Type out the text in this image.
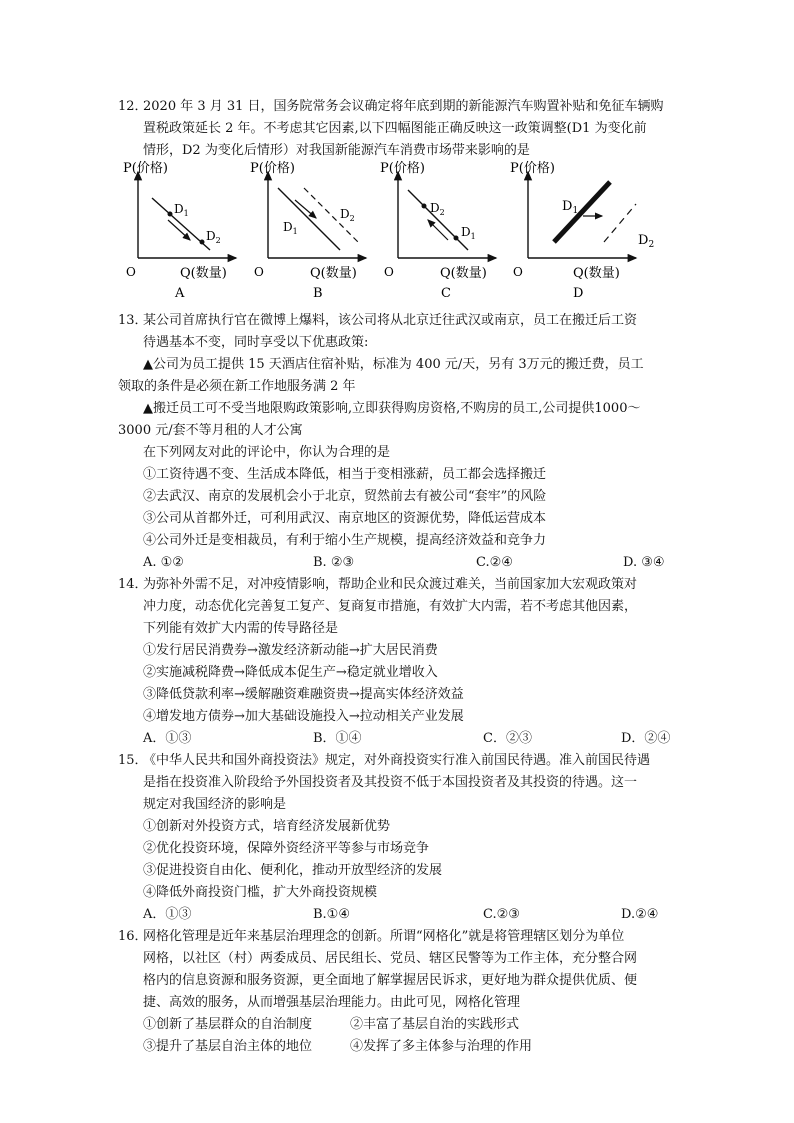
12．
2020 年 3 月 31 日，国务院常务会议确定将年底到期的新能源汽车购置补贴和免征车辆购
置税政策延长 2 年。不考虑其它因素,以下四幅图能正确反映这一政策调整(D1 为变化前
情形，D2 为变化后情形）对我国新能源汽车消费市场带来影响的是
P(价格)
Q(数量)
O
$D_1$
$D_2$
A
P(价格)
Q(数量)
O
$D_1$
$D_2$
B
P(价格)
Q(数量)
O
$D_2$
$D_1$
C
P(价格)
Q(数量)
O
$D_1$
$D_2$
D
13．
某公司首席执行官在微博上爆料，该公司将从北京迁往武汉或南京，员工在搬迁后工资
待遇基本不变，同时享受以下优惠政策:
▲公司为员工提供 15 天酒店住宿补贴，标准为 400 元/天，另有 3万元的搬迁费，员工
领取的条件是必须在新工作地服务满 2 年
▲搬迁员工可不受当地限购政策影响,立即获得购房资格,不购房的员工,公司提供1000～
3000 元/套不等月租的人才公寓
在下列网友对此的评论中，你认为合理的是
①工资待遇不变、生活成本降低，相当于变相涨薪，员工都会选择搬迁
②去武汉、南京的发展机会小于北京，贸然前去有被公司“套牢”的风险
③公司从首都外迁，可利用武汉、南京地区的资源优势，降低运营成本
④公司外迁是变相裁员，有利于缩小生产规模，提高经济效益和竞争力
A. ①②	B. ②③	C.②④	D. ③④
14．
为弥补外需不足，对冲疫情影响，帮助企业和民众渡过难关，当前国家加大宏观政策对
冲力度，动态优化完善复工复产、复商复市措施，有效扩大内需，若不考虑其他因素，
下列能有效扩大内需的传导路径是
①发行居民消费券→激发经济新动能→扩大居民消费
②实施减税降费→降低成本促生产→稳定就业增收入
③降低贷款利率→缓解融资难融资贵→提高实体经济效益
④增发地方债券→加大基础设施投入→拉动相关产业发展
A．①③	B．①④	C．②③	D．②④
15．
《中华人民共和国外商投资法》规定，对外商投资实行准入前国民待遇。准入前国民待遇
是指在投资准入阶段给予外国投资者及其投资不低于本国投资者及其投资的待遇。这一
规定对我国经济的影响是
①创新对外投资方式，培育经济发展新优势
②优化投资环境，保障外资经济平等参与市场竞争
③促进投资自由化、便利化，推动开放型经济的发展
④降低外商投资门槛，扩大外商投资规模
A．①③	B.①④	C.②③	D.②④
16．
网格化管理是近年来基层治理理念的创新。所谓“网格化”就是将管理辖区划分为单位
网格，以社区（村）两委成员、居民组长、党员、辖区民警等为工作主体，充分整合网
格内的信息资源和服务资源，更全面地了解掌握居民诉求，更好地为群众提供优质、便
捷、高效的服务，从而增强基层治理能力。由此可见，网格化管理
①创新了基层群众的自治制度	②丰富了基层自治的实践形式
③提升了基层自治主体的地位	④发挥了多主体参与治理的作用
